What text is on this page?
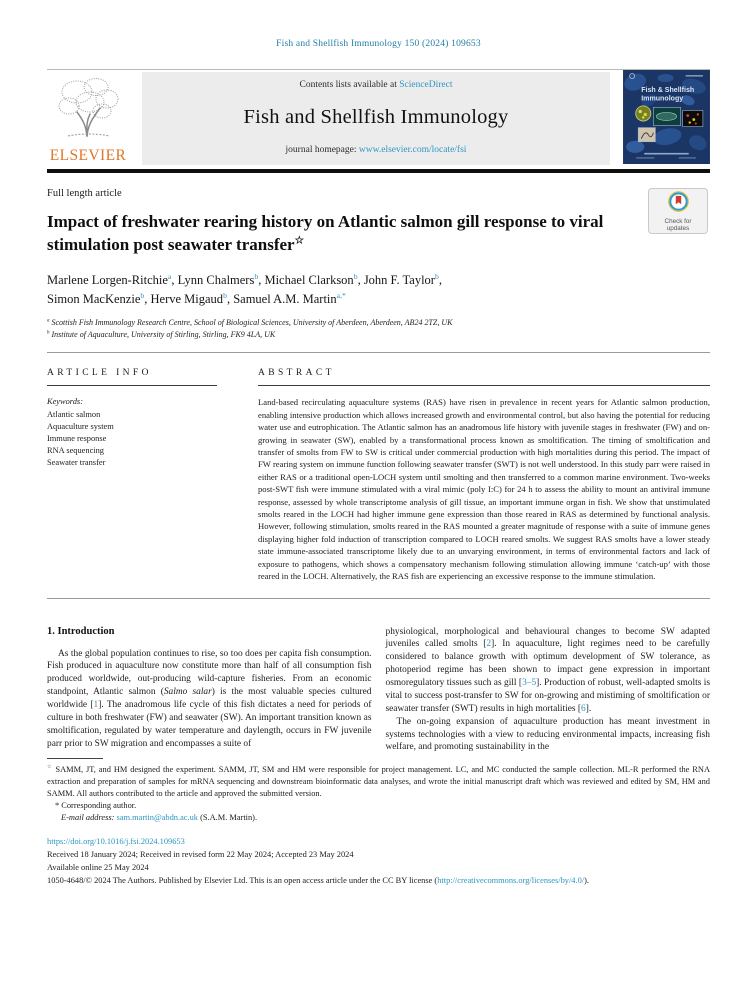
Fish and Shellfish Immunology 150 (2024) 109653
ELSEVIER
Contents lists available at ScienceDirect
Fish and Shellfish Immunology
journal homepage: www.elsevier.com/locate/fsi
Fish & Shellfish
Immunology
Full length article
Impact of freshwater rearing history on Atlantic salmon gill response to viral stimulation post seawater transfer☆
Check for
updates
Marlene Lorgen-Ritchie$^a$, Lynn Chalmers$^b$, Michael Clarkson$^b$, John F. Taylor$^b$,
Simon MacKenzie$^b$, Herve Migaud$^b$, Samuel A.M. Martin$^{a,*}$
$^a$ Scottish Fish Immunology Research Centre, School of Biological Sciences, University of Aberdeen, Aberdeen, AB24 2TZ, UK
$^b$ Institute of Aquaculture, University of Stirling, Stirling, FK9 4LA, UK
ARTICLE INFO
Keywords:
Atlantic salmon
Aquaculture system
Immune response
RNA sequencing
Seawater transfer
ABSTRACT
Land-based recirculating aquaculture systems (RAS) have risen in prevalence in recent years for Atlantic salmon production, enabling intensive production which allows increased growth and environmental control, but also having the potential for reducing water use and eutrophication. The Atlantic salmon has an anadromous life history with juvenile stages in freshwater (FW) and on-growing in seawater (SW), enabled by a transformational process known as smoltification. The timing of smoltification and transfer of smolts from FW to SW is critical under commercial production with high mortalities during this period. The impact of FW rearing system on immune function following seawater transfer (SWT) is not well understood. In this study parr were raised in either RAS or a traditional open-LOCH system until smolting and then transferred to a common marine environment. Two-weeks post-SWT fish were immune stimulated with a viral mimic (poly I:C) for 24 h to assess the ability to mount an antiviral immune response, assessed by whole transcriptome analysis of gill tissue, an important immune organ in fish. We show that unstimulated smolts reared in the LOCH had higher immune gene expression than those reared in RAS as determined by functional analysis. However, following stimulation, smolts reared in the RAS mounted a greater magnitude of response with a suite of immune genes displaying higher fold induction of transcription compared to LOCH reared smolts. We suggest RAS smolts have a lower steady state immune-associated transcriptome likely due to an unvarying environment, in terms of environmental factors and lack of exposure to pathogens, which shows a compensatory mechanism following stimulation allowing immune ‘catch-up’ with those reared in the LOCH. Alternatively, the RAS fish are experiencing an excessive response to the immune stimulation.
1. Introduction

As the global population continues to rise, so too does per capita fish consumption. Fish produced in aquaculture now constitute more than half of all consumption fish produced worldwide, out-producing wild-capture fisheries. From an economic standpoint, Atlantic salmon (Salmo salar) is the most valuable species cultured worldwide [1]. The anadromous life cycle of this fish dictates a need for periods of culture in both freshwater (FW) and seawater (SW). An important transition known as smoltification, regulated by water temperature and daylength, occurs in FW juvenile parr prior to SW migration and encompasses a suite of

physiological, morphological and behavioural changes to become SW adapted juveniles called smolts [2]. In aquaculture, light regimes need to be carefully considered to balance growth with optimum development of SW tolerance, as photoperiod regime has been shown to impact gene expression in important osmoregulatory tissues such as gill [3–5]. Production of robust, well-adapted smolts is vital to success post-transfer to SW for on-growing and mistiming of smoltification or seawater transfer (SWT) results in high mortalities [6].

The on-going expansion of aquaculture production has meant investment in systems technologies with a view to reducing environmental impacts, increasing fish welfare, and promoting sustainability in the

☆ SAMM, JT, and HM designed the experiment. SAMM, JT, SM and HM were responsible for project management. LC, and MC conducted the sample collection. ML-R performed the RNA extraction and preparation of samples for mRNA sequencing and downstream bioinformatic data analyses, and wrote the initial manuscript draft which was reviewed and edited by SM, HM and SAMM. All authors contributed to the article and approved the submitted version.
* Corresponding author.
E-mail address: sam.martin@abdn.ac.uk (S.A.M. Martin).
https://doi.org/10.1016/j.fsi.2024.109653
Received 18 January 2024; Received in revised form 22 May 2024; Accepted 23 May 2024
Available online 25 May 2024
1050-4648/© 2024 The Authors. Published by Elsevier Ltd. This is an open access article under the CC BY license (http://creativecommons.org/licenses/by/4.0/).
